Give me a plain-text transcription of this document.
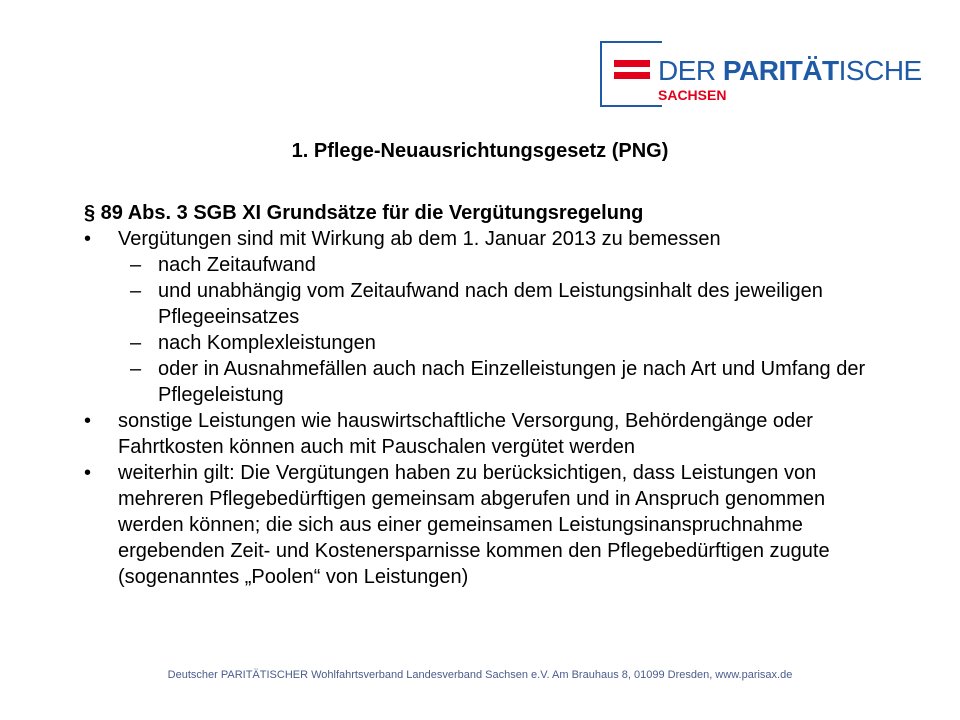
DER PARITÄTISCHE
SACHSEN
1. Pflege-Neuausrichtungsgesetz (PNG)
§ 89 Abs. 3 SGB XI Grundsätze für die Vergütungsregelung
• Vergütungen sind mit Wirkung ab dem 1. Januar 2013 zu bemessen
– nach Zeitaufwand
– und unabhängig vom Zeitaufwand nach dem Leistungsinhalt des jeweiligen Pflegeeinsatzes
– nach Komplexleistungen
– oder in Ausnahmefällen auch nach Einzelleistungen je nach Art und Umfang der Pflegeleistung
• sonstige Leistungen wie hauswirtschaftliche Versorgung, Behördengänge oder Fahrtkosten können auch mit Pauschalen vergütet werden
• weiterhin gilt: Die Vergütungen haben zu berücksichtigen, dass Leistungen von mehreren Pflegebedürftigen gemeinsam abgerufen und in Anspruch genommen werden können; die sich aus einer gemeinsamen Leistungsinanspruchnahme ergebenden Zeit- und Kostenersparnisse kommen den Pflegebedürftigen zugute (sogenanntes „Poolen“ von Leistungen)
Deutscher PARITÄTISCHER Wohlfahrtsverband Landesverband Sachsen e.V. Am Brauhaus 8, 01099 Dresden, www.parisax.de
